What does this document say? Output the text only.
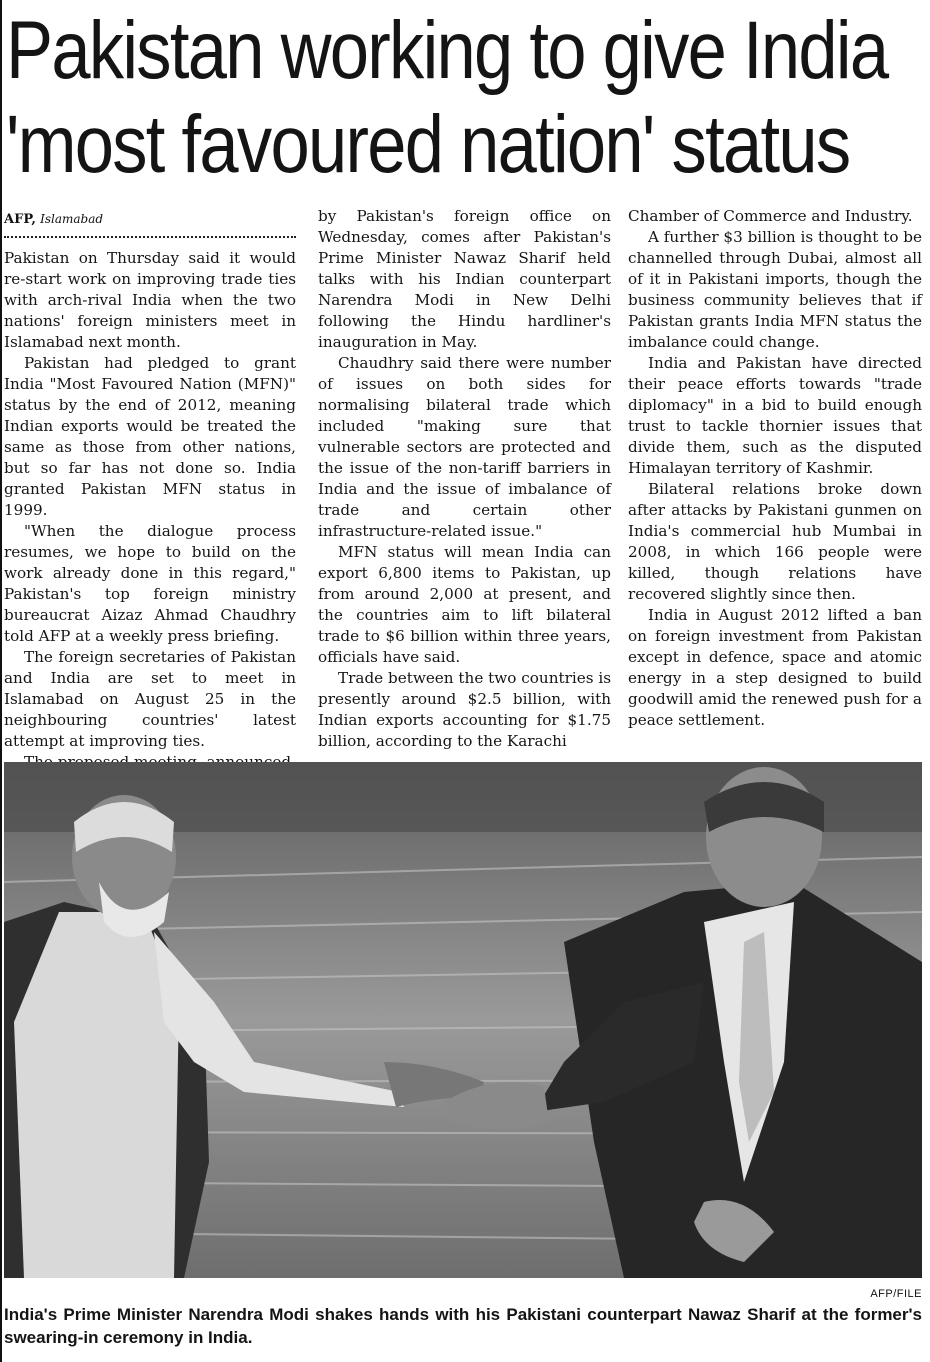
Pakistan working to give India
'most favoured nation' status
AFP, Islamabad

Pakistan on Thursday said it would re-start work on improving trade ties with arch-rival India when the two nations' foreign ministers meet in Islamabad next month.

Pakistan had pledged to grant India "Most Favoured Nation (MFN)" status by the end of 2012, meaning Indian exports would be treated the same as those from other nations, but so far has not done so. India granted Pakistan MFN status in 1999.

"When the dialogue process resumes, we hope to build on the work already done in this regard," Pakistan's top foreign ministry bureaucrat Aizaz Ahmad Chaudhry told AFP at a weekly press briefing.

The foreign secretaries of Pakistan and India are set to meet in Islamabad on August 25 in the neighbouring countries' latest attempt at improving ties.

by Pakistan's foreign office on Wednesday, comes after Pakistan's Prime Minister Nawaz Sharif held talks with his Indian counterpart Narendra Modi in New Delhi following the Hindu hardliner's inauguration in May.

Chaudhry said there were number of issues on both sides for normalising bilateral trade which included "making sure that vulnerable sectors are protected and the issue of the non-tariff barriers in India and the issue of imbalance of trade and certain other infrastructure-related issue."

MFN status will mean India can export 6,800 items to Pakistan, up from around 2,000 at present, and the countries aim to lift bilateral trade to $6 billion within three years, officials have said.

Trade between the two countries is presently around $2.5 billion, with Indian exports accounting for $1.75 billion, according to the Karachi

Chamber of Commerce and Industry.

A further $3 billion is thought to be channelled through Dubai, almost all of it in Pakistani imports, though the business community believes that if Pakistan grants India MFN status the imbalance could change.

India and Pakistan have directed their peace efforts towards "trade diplomacy" in a bid to build enough trust to tackle thornier issues that divide them, such as the disputed Himalayan territory of Kashmir.

Bilateral relations broke down after attacks by Pakistani gunmen on India's commercial hub Mumbai in 2008, in which 166 people were killed, though relations have recovered slightly since then.

India in August 2012 lifted a ban on foreign investment from Pakistan except in defence, space and atomic energy in a step designed to build goodwill amid the renewed push for a peace settlement.

AFP/FILE
India's Prime Minister Narendra Modi shakes hands with his Pakistani counterpart Nawaz Sharif at the former's swearing-in ceremony in India.
